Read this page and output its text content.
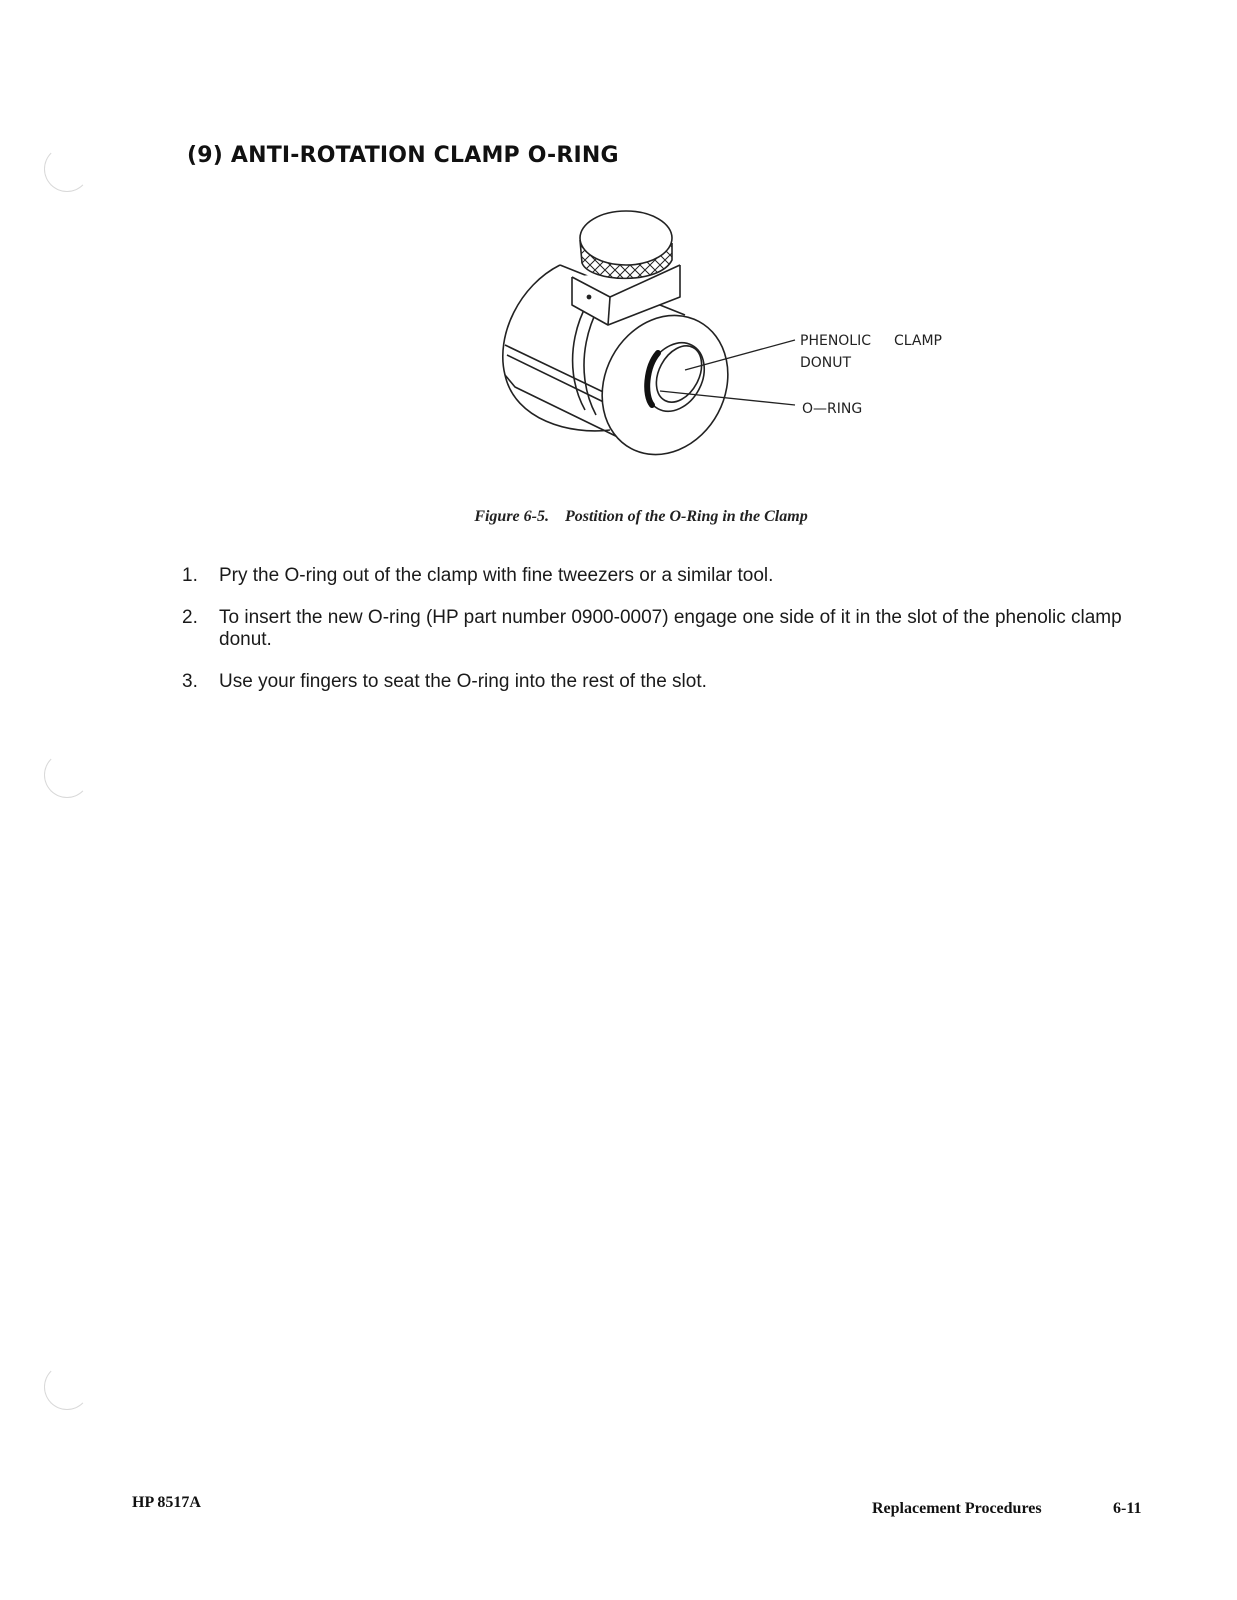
(9) ANTI-ROTATION CLAMP O-RING
PHENOLIC CLAMP
DONUT
O—RING
Figure 6-5. Postition of the O-Ring in the Clamp
1. Pry the O-ring out of the clamp with fine tweezers or a similar tool.
2. To insert the new O-ring (HP part number 0900-0007) engage one side of it in the slot of the phenolic clamp donut.
3. Use your fingers to seat the O-ring into the rest of the slot.
HP 8517A	Replacement Procedures	6-11
